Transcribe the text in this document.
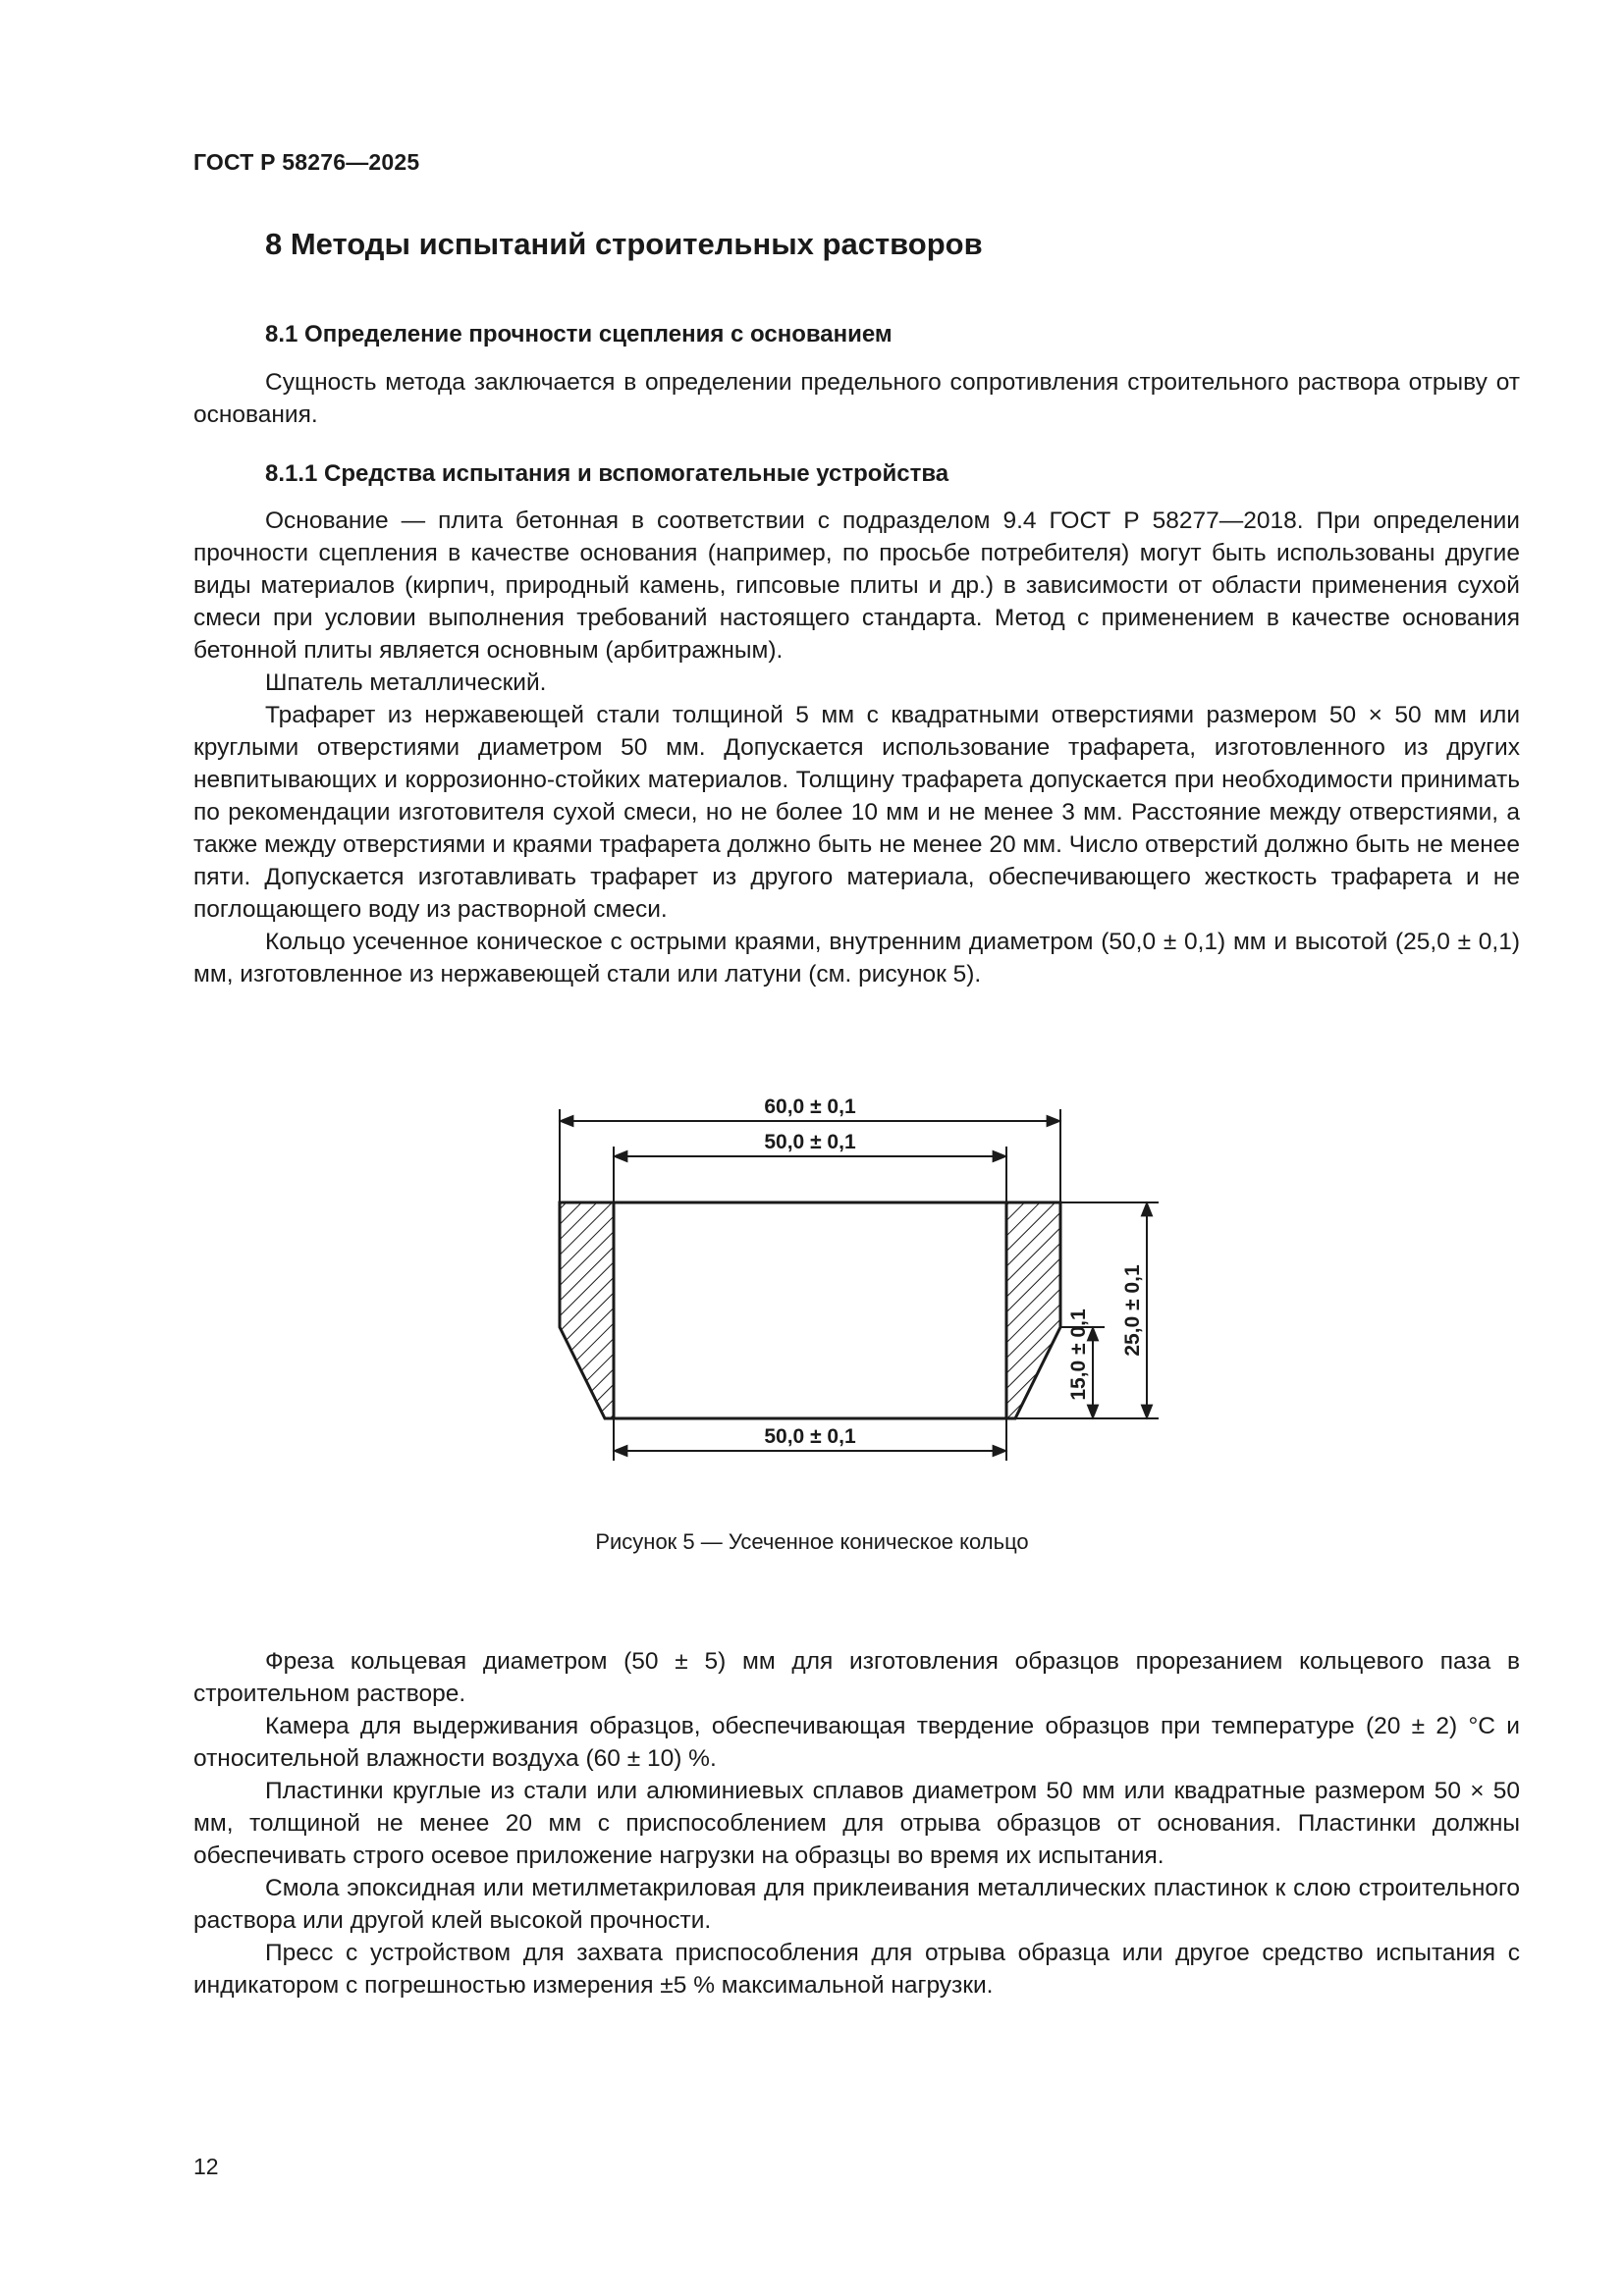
ГОСТ Р 58276—2025
8 Методы испытаний строительных растворов
8.1 Определение прочности сцепления с основанием

Сущность метода заключается в определении предельного сопротивления строительного раствора отрыву от основания.

8.1.1 Средства испытания и вспомогательные устройства

Основание — плита бетонная в соответствии с подразделом 9.4 ГОСТ Р 58277—2018. При определении прочности сцепления в качестве основания (например, по просьбе потребителя) могут быть использованы другие виды материалов (кирпич, природный камень, гипсовые плиты и др.) в зависимости от области применения сухой смеси при условии выполнения требований настоящего стандарта. Метод с применением в качестве основания бетонной плиты является основным (арбитражным).

Шпатель металлический.

Трафарет из нержавеющей стали толщиной 5 мм с квадратными отверстиями размером 50 × 50 мм или круглыми отверстиями диаметром 50 мм. Допускается использование трафарета, изготовленного из других невпитывающих и коррозионно-стойких материалов. Толщину трафарета допускается при необходимости принимать по рекомендации изготовителя сухой смеси, но не более 10 мм и не менее 3 мм. Расстояние между отверстиями, а также между отверстиями и краями трафарета должно быть не менее 20 мм. Число отверстий должно быть не менее пяти. Допускается изготавливать трафарет из другого материала, обеспечивающего жесткость трафарета и не поглощающего воду из растворной смеси.

Кольцо усеченное коническое с острыми краями, внутренним диаметром (50,0 ± 0,1) мм и высотой (25,0 ± 0,1) мм, изготовленное из нержавеющей стали или латуни (см. рисунок 5).

60,0 ± 0,1
50,0 ± 0,1
50,0 ± 0,1
25,0 ± 0,1
15,0 ± 0,1
Рисунок 5 — Усеченное коническое кольцо

Фреза кольцевая диаметром (50 ± 5) мм для изготовления образцов прорезанием кольцевого паза в строительном растворе.

Камера для выдерживания образцов, обеспечивающая твердение образцов при температуре (20 ± 2) °С и относительной влажности воздуха (60 ± 10) %.

Пластинки круглые из стали или алюминиевых сплавов диаметром 50 мм или квадратные размером 50 × 50 мм, толщиной не менее 20 мм с приспособлением для отрыва образцов от основания. Пластинки должны обеспечивать строго осевое приложение нагрузки на образцы во время их испытания.

Смола эпоксидная или метилметакриловая для приклеивания металлических пластинок к слою строительного раствора или другой клей высокой прочности.

Пресс с устройством для захвата приспособления для отрыва образца или другое средство испытания с индикатором с погрешностью измерения ±5 % максимальной нагрузки.

12
